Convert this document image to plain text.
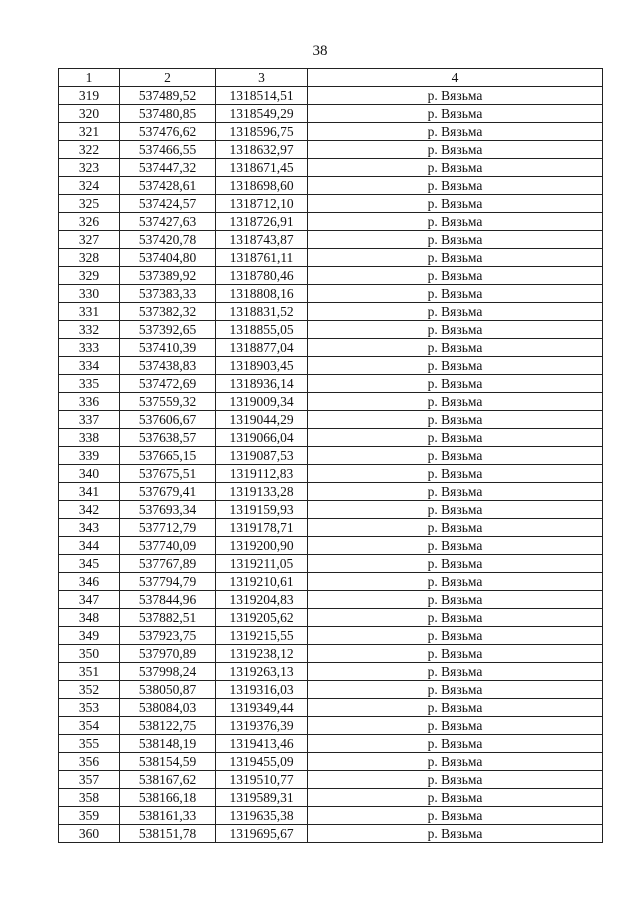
38
1	2	3	4
319	537489,52	1318514,51	р. Вязьма
320	537480,85	1318549,29	р. Вязьма
321	537476,62	1318596,75	р. Вязьма
322	537466,55	1318632,97	р. Вязьма
323	537447,32	1318671,45	р. Вязьма
324	537428,61	1318698,60	р. Вязьма
325	537424,57	1318712,10	р. Вязьма
326	537427,63	1318726,91	р. Вязьма
327	537420,78	1318743,87	р. Вязьма
328	537404,80	1318761,11	р. Вязьма
329	537389,92	1318780,46	р. Вязьма
330	537383,33	1318808,16	р. Вязьма
331	537382,32	1318831,52	р. Вязьма
332	537392,65	1318855,05	р. Вязьма
333	537410,39	1318877,04	р. Вязьма
334	537438,83	1318903,45	р. Вязьма
335	537472,69	1318936,14	р. Вязьма
336	537559,32	1319009,34	р. Вязьма
337	537606,67	1319044,29	р. Вязьма
338	537638,57	1319066,04	р. Вязьма
339	537665,15	1319087,53	р. Вязьма
340	537675,51	1319112,83	р. Вязьма
341	537679,41	1319133,28	р. Вязьма
342	537693,34	1319159,93	р. Вязьма
343	537712,79	1319178,71	р. Вязьма
344	537740,09	1319200,90	р. Вязьма
345	537767,89	1319211,05	р. Вязьма
346	537794,79	1319210,61	р. Вязьма
347	537844,96	1319204,83	р. Вязьма
348	537882,51	1319205,62	р. Вязьма
349	537923,75	1319215,55	р. Вязьма
350	537970,89	1319238,12	р. Вязьма
351	537998,24	1319263,13	р. Вязьма
352	538050,87	1319316,03	р. Вязьма
353	538084,03	1319349,44	р. Вязьма
354	538122,75	1319376,39	р. Вязьма
355	538148,19	1319413,46	р. Вязьма
356	538154,59	1319455,09	р. Вязьма
357	538167,62	1319510,77	р. Вязьма
358	538166,18	1319589,31	р. Вязьма
359	538161,33	1319635,38	р. Вязьма
360	538151,78	1319695,67	р. Вязьма
